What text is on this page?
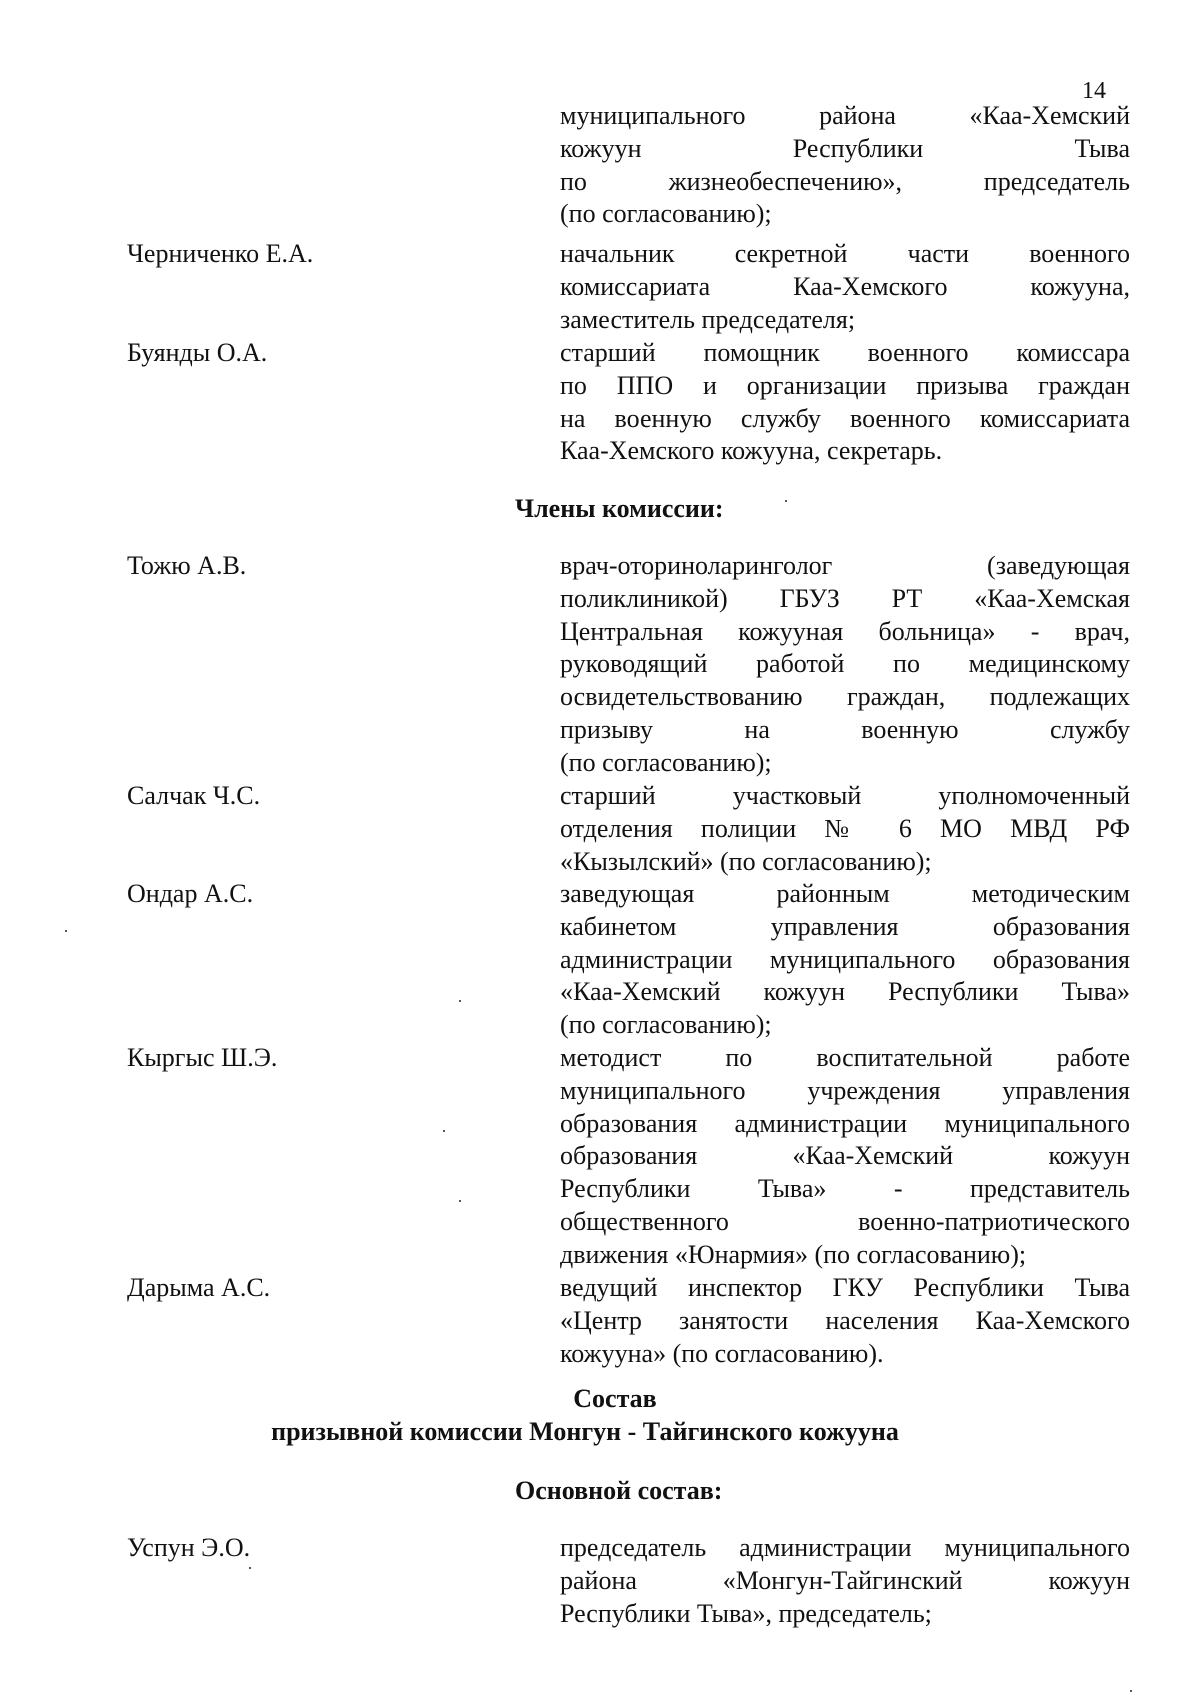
14
муниципального района «Каа-Хемский
кожуун Республики Тыва
по жизнеобеспечению», председатель
(по согласованию);
Черниченко Е.А.	начальник секретной части военного
комиссариата Каа-Хемского кожууна,
заместитель председателя;
Буянды О.А.	старший помощник военного комиссара
по ППО и организации призыва граждан
на военную службу военного комиссариата
Каа-Хемского кожууна, секретарь.
Члены комиссии:
Тожю А.В.	врач-оториноларинголог (заведующая
поликлиникой) ГБУЗ РТ «Каа-Хемская
Центральная кожууная больница» - врач,
руководящий работой по медицинскому
освидетельствованию граждан, подлежащих
призыву на военную службу
(по согласованию);
Салчак Ч.С.	старший участковый уполномоченный
отделения полиции № 6 МО МВД РФ
«Кызылский» (по согласованию);
Ондар А.С.	заведующая районным методическим
кабинетом управления образования
администрации муниципального образования
«Каа-Хемский кожуун Республики Тыва»
(по согласованию);
Кыргыс Ш.Э.	методист по воспитательной работе
муниципального учреждения управления
образования администрации муниципального
образования «Каа-Хемский кожуун
Республики Тыва» - представитель
общественного военно-патриотического
движения «Юнармия» (по согласованию);
Дарыма А.С.	ведущий инспектор ГКУ Республики Тыва
«Центр занятости населения Каа-Хемского
кожууна» (по согласованию).
Состав
призывной комиссии Монгун - Тайгинского кожууна
Основной состав:
Успун Э.О.	председатель администрации муниципального
района «Монгун-Тайгинский кожуун
Республики Тыва», председатель;
